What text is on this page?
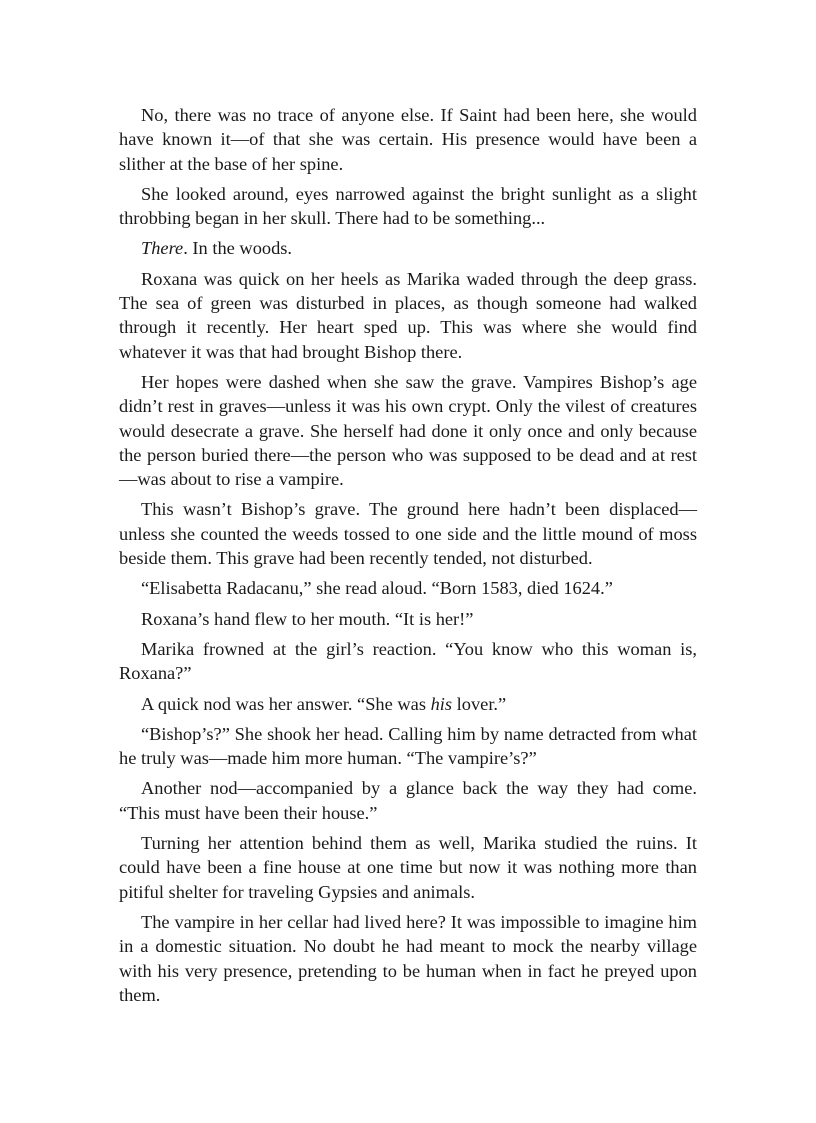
No, there was no trace of anyone else. If Saint had been here, she would have known it—of that she was certain. His presence would have been a slither at the base of her spine.

She looked around, eyes narrowed against the bright sunlight as a slight throbbing began in her skull. There had to be something...

There. In the woods.

Roxana was quick on her heels as Marika waded through the deep grass. The sea of green was disturbed in places, as though someone had walked through it recently. Her heart sped up. This was where she would find whatever it was that had brought Bishop there.

Her hopes were dashed when she saw the grave. Vampires Bishop’s age didn’t rest in graves—unless it was his own crypt. Only the vilest of creatures would desecrate a grave. She herself had done it only once and only because the person buried there—the person who was supposed to be dead and at rest—was about to rise a vampire.

This wasn’t Bishop’s grave. The ground here hadn’t been displaced—unless she counted the weeds tossed to one side and the little mound of moss beside them. This grave had been recently tended, not disturbed.

“Elisabetta Radacanu,” she read aloud. “Born 1583, died 1624.”

Roxana’s hand flew to her mouth. “It is her!”

Marika frowned at the girl’s reaction. “You know who this woman is, Roxana?”

A quick nod was her answer. “She was his lover.”

“Bishop’s?” She shook her head. Calling him by name detracted from what he truly was—made him more human. “The vampire’s?”

Another nod—accompanied by a glance back the way they had come. “This must have been their house.”

Turning her attention behind them as well, Marika studied the ruins. It could have been a fine house at one time but now it was nothing more than pitiful shelter for traveling Gypsies and animals.

The vampire in her cellar had lived here? It was impossible to imagine him in a domestic situation. No doubt he had meant to mock the nearby village with his very presence, pretending to be human when in fact he preyed upon them.
